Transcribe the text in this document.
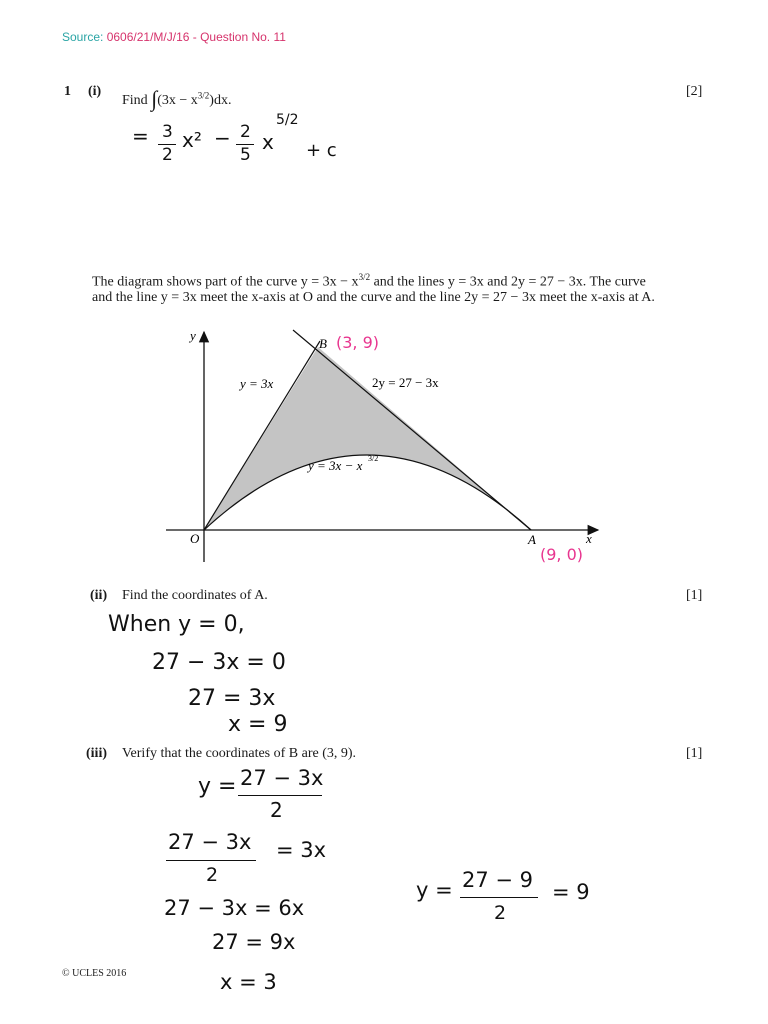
Source: 0606/21/M/J/16 - Question No. 11
1 (i)
Find $\int(3x - x^{3/2})dx$.
[2]
= 3
2
x² − 2
5
x
5/2
+ c
The diagram shows part of the curve $y = 3x - x^{3/2}$ and the lines y = 3x and 2y = 27 − 3x. The curve
and the line y = 3x meet the x-axis at O and the curve and the line 2y = 27 − 3x meet the x-axis at A.
y
x
O	A
B
y = 3x	2y = 27 − 3x
y = 3x − x 3/2
(3, 9)
(9, 0)
(ii) Find the coordinates of A.	[1]
When y = 0,
27 − 3x = 0
27 = 3x
x = 9
(iii) Verify that the coordinates of B are (3, 9).	[1]
y = 27 − 3x
2
27 − 3x
2
= 3x
27 − 3x = 6x
27 = 9x
x = 3
y = 27 − 9
2
= 9
© UCLES 2016
